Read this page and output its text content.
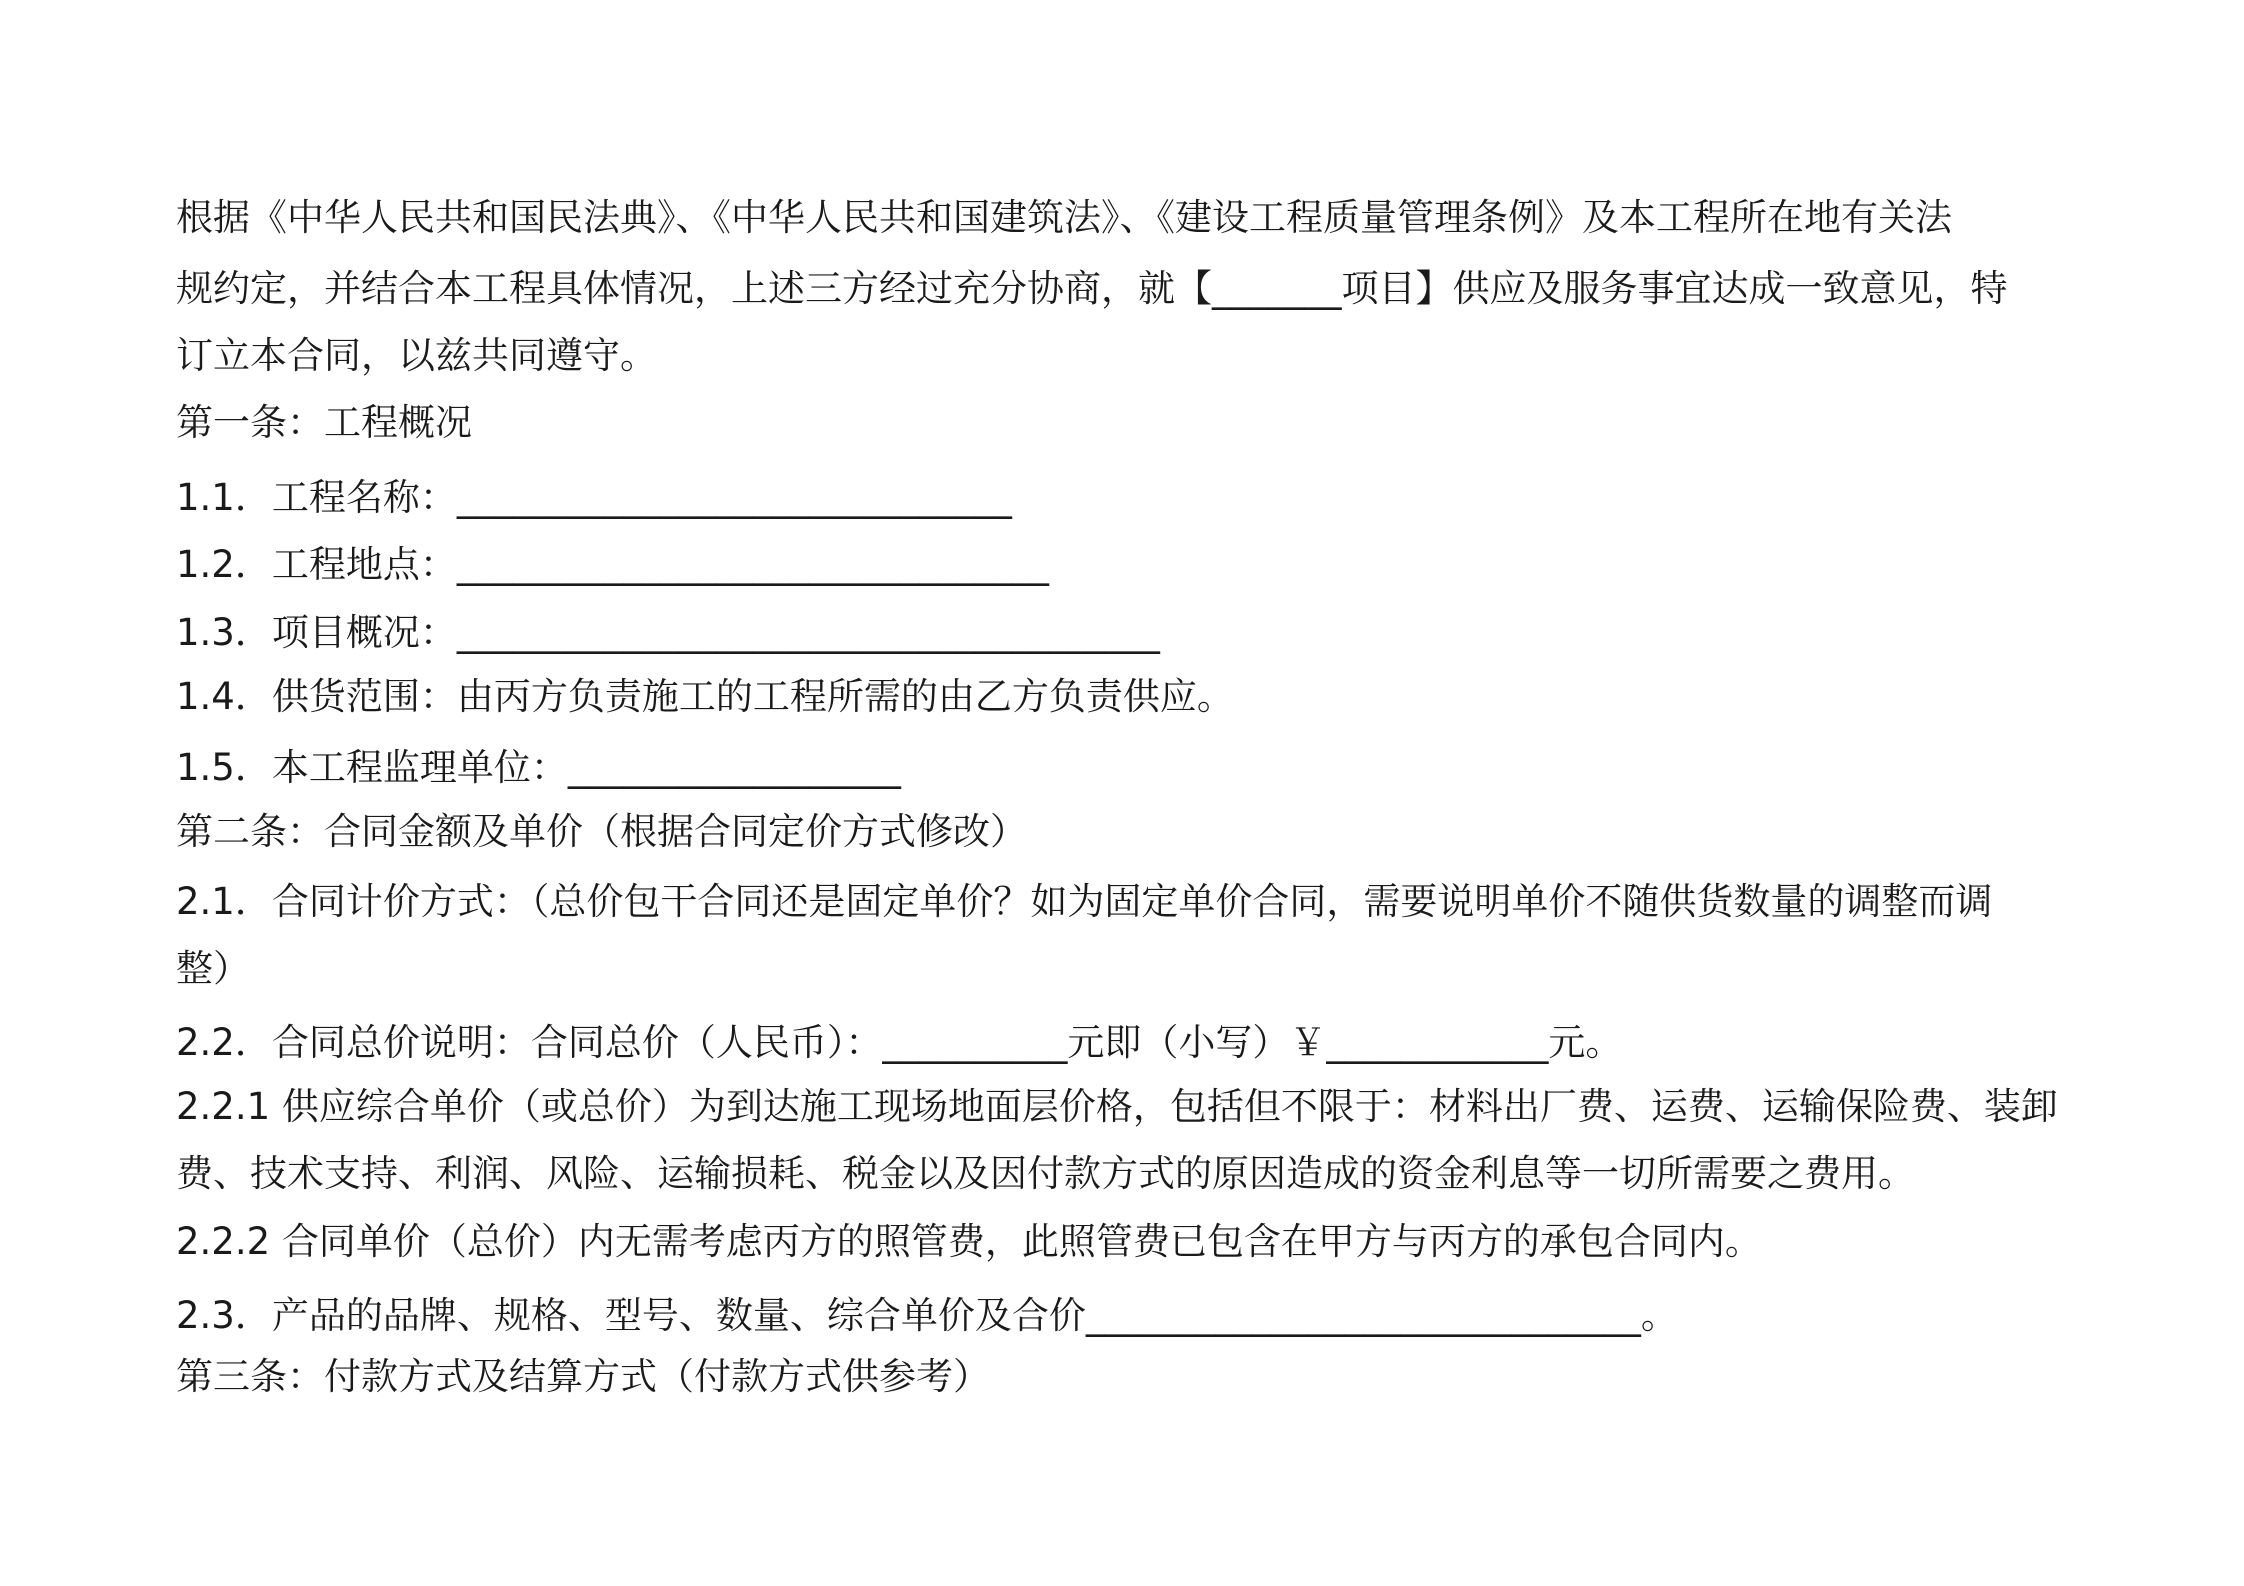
根据《中华人民共和国民法典》、《中华人民共和国建筑法》、《建设工程质量管理条例》及本工程所在地有关法
规约定，并结合本工程具体情况，上述三方经过充分协商，就【_______项目】供应及服务事宜达成一致意见，特
订立本合同，以兹共同遵守。
第一条：工程概况
1.1．工程名称：______________________________
1.2．工程地点：________________________________
1.3．项目概况：______________________________________
1.4．供货范围：由丙方负责施工的工程所需的由乙方负责供应。
1.5．本工程监理单位：__________________
第二条：合同金额及单价（根据合同定价方式修改）
2.1．合同计价方式：（总价包干合同还是固定单价？如为固定单价合同，需要说明单价不随供货数量的调整而调
整）
2.2．合同总价说明：合同总价（人民币）：__________元即（小写）￥____________元。
2.2.1 供应综合单价（或总价）为到达施工现场地面层价格，包括但不限于：材料出厂费、运费、运输保险费、装卸
费、技术支持、利润、风险、运输损耗、税金以及因付款方式的原因造成的资金利息等一切所需要之费用。
2.2.2 合同单价（总价）内无需考虑丙方的照管费，此照管费已包含在甲方与丙方的承包合同内。
2.3．产品的品牌、规格、型号、数量、综合单价及合价______________________________。
第三条：付款方式及结算方式（付款方式供参考）
